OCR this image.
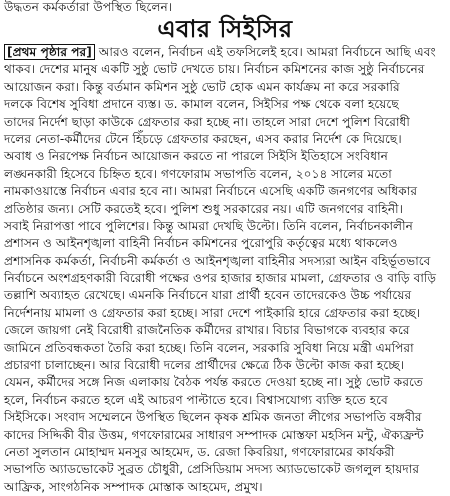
উদ্ধতন কর্মকর্তারা উপস্থিত ছিলেন।
এবার সিইসির
[প্রথম পৃষ্ঠার পর] আরও বলেন, নির্বাচন এই তফসিলেই হবে। আমরা নির্বাচনে আছি এবং
থাকব। দেশের মানুষ একটি সুষ্ঠু ভোট দেখতে চায়। নির্বাচন কমিশনের কাজ সুষ্ঠু নির্বাচনের
আয়োজন করা। কিন্তু বর্তমান কমিশন সুষ্ঠু ভোট হোক এমন কার্যক্রম না করে সরকারি
দলকে বিশেষ সুবিধা প্রদানে ব্যস্ত। ড. কামাল বলেন, সিইসির পক্ষ থেকে বলা হয়েছে
তাদের নির্দেশ ছাড়া কাউকে গ্রেফতার করা হচ্ছে না। তাহলে সারা দেশে পুলিশ বিরোধী
দলের নেতা-কর্মীদের টেনে হিঁচড়ে গ্রেফতার করছেন, এসব করার নির্দেশ কে দিয়েছে।
অবাধ ও নিরপেক্ষ নির্বাচন আয়োজন করতে না পারলে সিইসি ইতিহাসে সংবিধান
লঙ্ঘনকারী হিসেবে চিহ্নিত হবে। গণফোরাম সভাপতি বলেন, ২০১৪ সালের মতো
নামকাওয়াস্তে নির্বাচন এবার হবে না। আমরা নির্বাচনে এসেছি একটি জনগণের অধিকার
প্রতিষ্ঠার জন্য। সেটি করতেই হবে। পুলিশ শুধু সরকারের নয়। এটি জনগণের বাহিনী।
সবাই নিরাপত্তা পাবে পুলিশের। কিন্তু আমরা দেখছি উল্টো। তিনি বলেন, নির্বাচনকালীন
প্রশাসন ও আইনশৃঙ্খলা বাহিনী নির্বাচন কমিশনের পুরোপুরি কর্তৃত্বের মধ্যে থাকলেও
প্রশাসনিক কর্মকর্তা, নির্বাচনী কর্মকর্তা ও আইনশৃঙ্খলা বাহিনীর সদস্যরা আইন বহির্ভূতভাবে
নির্বাচনে অংশগ্রহণকারী বিরোধী পক্ষের ওপর হাজার হাজার মামলা, গ্রেফতার ও বাড়ি বাড়ি
তল্লাশি অব্যাহত রেখেছে। এমনকি নির্বাচনে যারা প্রার্থী হবেন তাদেরকেও উচ্চ পর্যায়ের
নির্দেশনায় মামলা ও গ্রেফতার করা হচ্ছে। সারা দেশে পাইকারি হারে গ্রেফতার করা হচ্ছে।
জেলে জায়গা নেই বিরোধী রাজনৈতিক কর্মীদের রাখার। বিচার বিভাগকে ব্যবহার করে
জামিনে প্রতিবন্ধকতা তৈরি করা হচ্ছে। তিনি বলেন, সরকারি সুবিধা নিয়ে মন্ত্রী এমপিরা
প্রচারণা চালাচ্ছেন। আর বিরোধী দলের প্রার্থীদের ক্ষেত্রে ঠিক উল্টো কাজ করা হচ্ছে।
যেমন, কর্মীদের সঙ্গে নিজ এলাকায় বৈঠক পর্যন্ত করতে দেওয়া হচ্ছে না। সুষ্ঠু ভোট করতে
হলে, নির্বাচন করতে হলে এই আচরণ পাল্টাতে হবে। বিশ্বাসযোগ্য ব্যক্তি হতে হবে
সিইসিকে। সংবাদ সম্মেলনে উপস্থিত ছিলেন কৃষক শ্রমিক জনতা লীগের সভাপতি বঙ্গবীর
কাদের সিদ্দিকী বীর উত্তম, গণফোরামের সাধারণ সম্পাদক মোস্তফা মহসিন মন্টু, ঐক্যফ্রন্ট
নেতা সুলতান মোহাম্মদ মনসুর আহমেদ, ড. রেজা কিবরিয়া, গণফোরামের কার্যকরী
সভাপতি অ্যাডভোকেট সুব্রত চৌধুরী, প্রেসিডিয়াম সদস্য অ্যাডভোকেট জগলুল হায়দার
আফ্রিক, সাংগঠনিক সম্পাদক মোস্তাক আহমেদ, প্রমুখ।
